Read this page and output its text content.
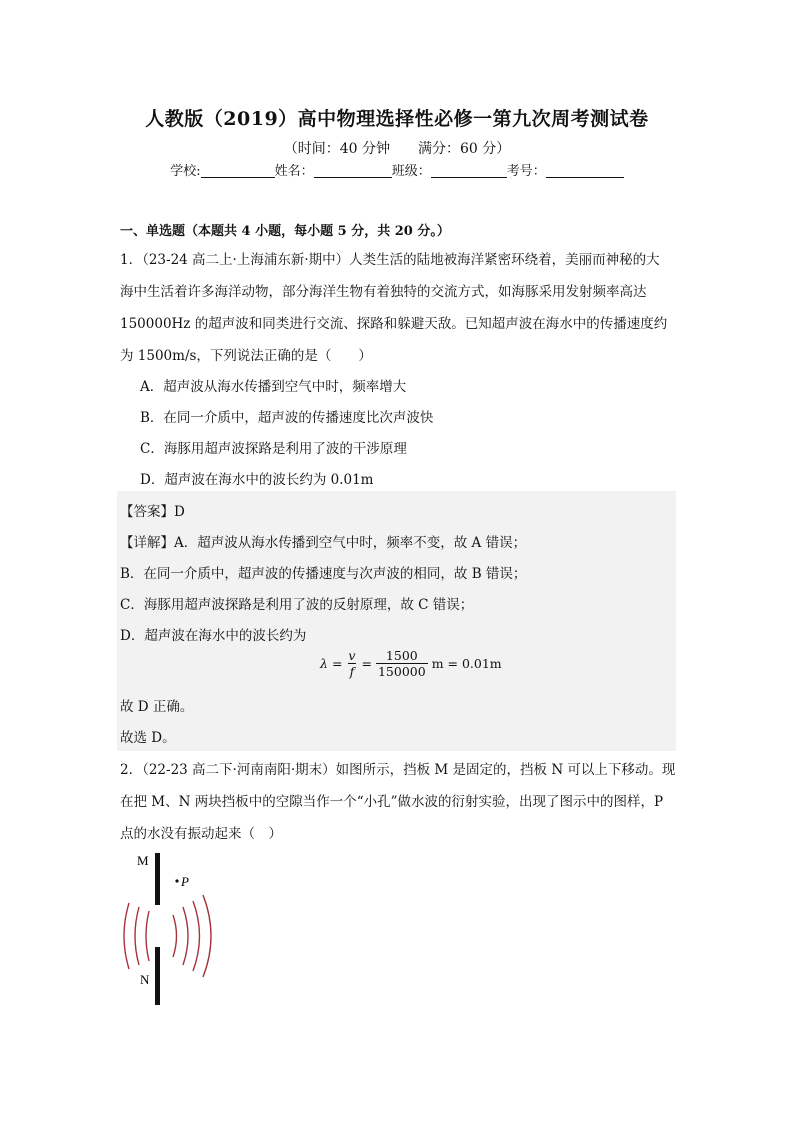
人教版（2019）高中物理选择性必修一第九次周考测试卷
（时间：40 分钟 满分：60 分）
学校:	姓名：	班级：	考号：
一、单选题（本题共 4 小题，每小题 5 分，共 20 分。）
1．（23-24 高二上·上海浦东新·期中）人类生活的陆地被海洋紧密环绕着，美丽而神秘的大
海中生活着许多海洋动物，部分海洋生物有着独特的交流方式，如海豚采用发射频率高达
150000Hz 的超声波和同类进行交流、探路和躲避天敌。已知超声波在海水中的传播速度约
为 1500m/s，下列说法正确的是（　　）
A．超声波从海水传播到空气中时，频率增大
B．在同一介质中，超声波的传播速度比次声波快
C．海豚用超声波探路是利用了波的干涉原理
D．超声波在海水中的波长约为 0.01m
【答案】D
【详解】A．超声波从海水传播到空气中时，频率不变，故 A 错误；
B．在同一介质中，超声波的传播速度与次声波的相同，故 B 错误；
C．海豚用超声波探路是利用了波的反射原理，故 C 错误；
D．超声波在海水中的波长约为
$\lambda = \frac{v}{f} = \frac{1500}{150000}$ m = 0.01m
故 D 正确。
故选 D。
2．（22-23 高二下·河南南阳·期末）如图所示，挡板 M 是固定的，挡板 N 可以上下移动。现
在把 M、N 两块挡板中的空隙当作一个“小孔”做水波的衍射实验，出现了图示中的图样，P
点的水没有振动起来（　）
M
N
P
